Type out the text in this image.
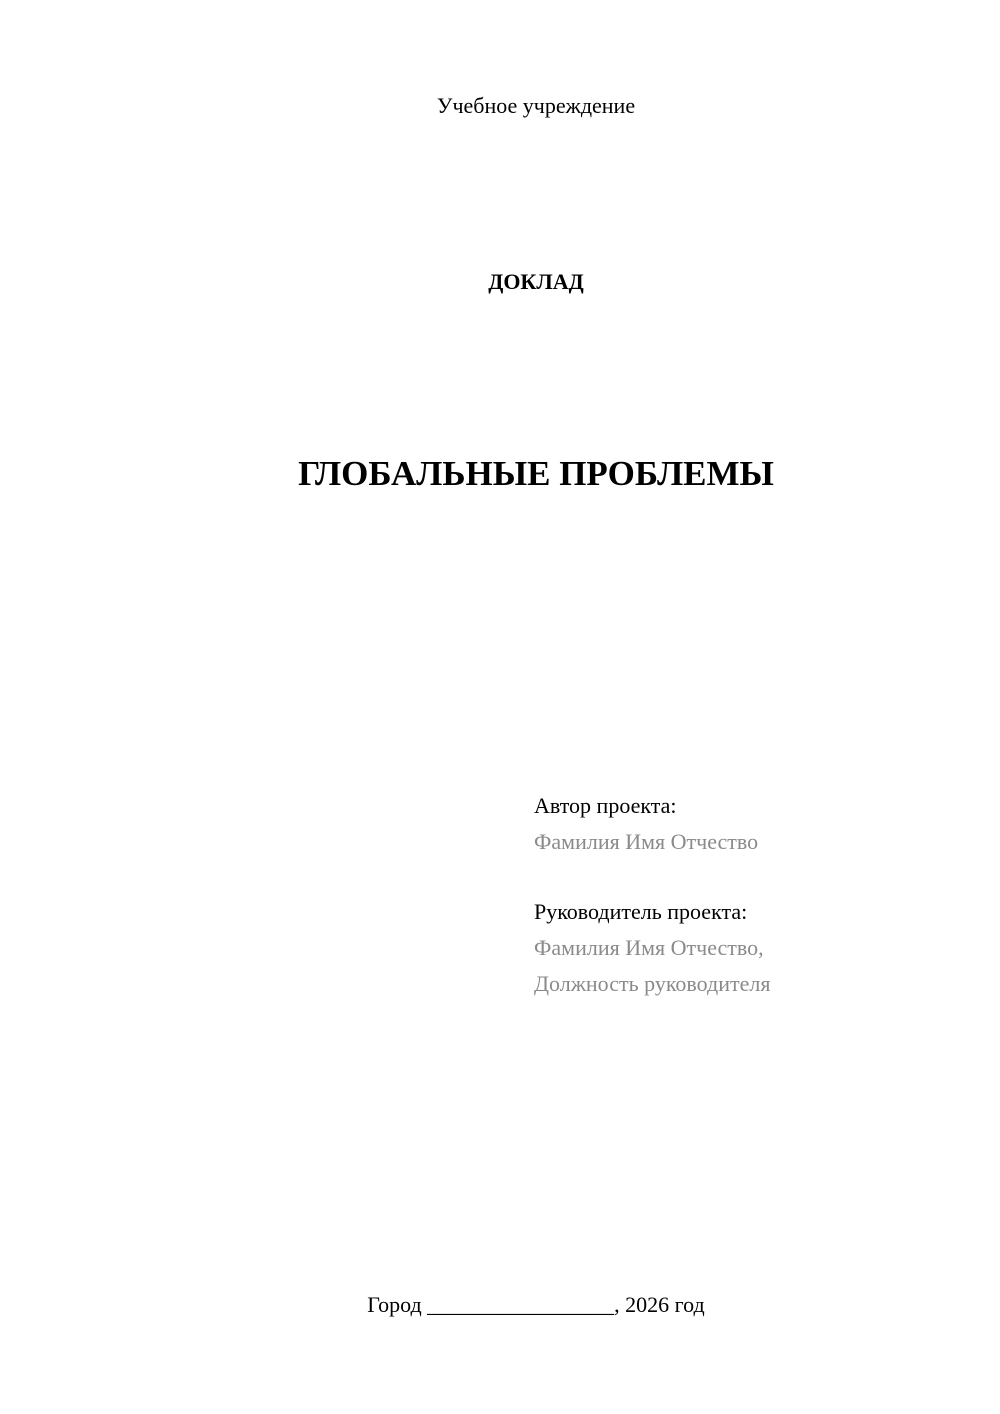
Учебное учреждение
ДОКЛАД
ГЛОБАЛЬНЫЕ ПРОБЛЕМЫ
Автор проекта:
Фамилия Имя Отчество
Руководитель проекта:
Фамилия Имя Отчество,
Должность руководителя
Город _________________, 2026 год
